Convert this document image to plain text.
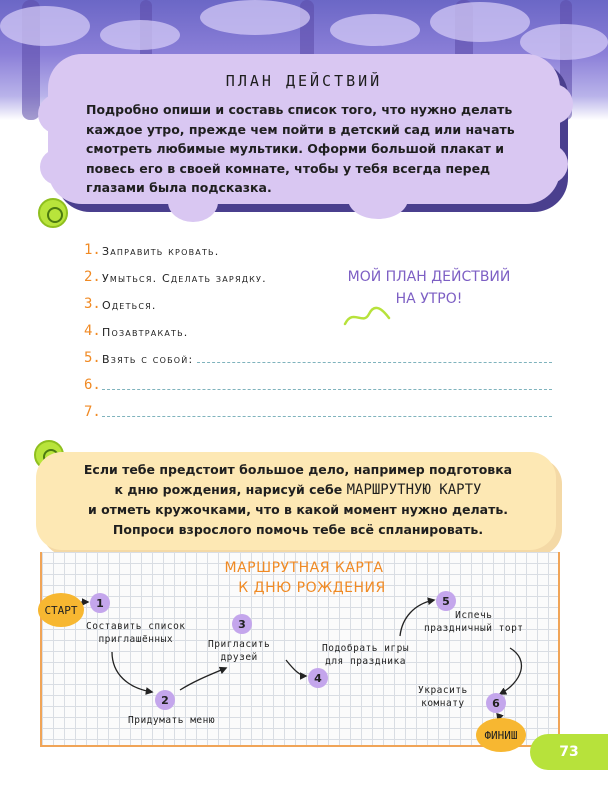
ПЛАН ДЕЙСТВИЙ
Подробно опиши и составь список того, что нужно делать
каждое утро, прежде чем пойти в детский сад или начать
смотреть любимые мультики. Оформи большой плакат и
повесь его в своей комнате, чтобы у тебя всегда перед
глазами была подсказка.
1. Заправить кровать.
2. Умыться. Сделать зарядку.
3. Одеться.
4. Позавтракать.
5. Взять с собой:
6.
7.
МОЙ ПЛАН ДЕЙСТВИЙ
НА УТРО!
Если тебе предстоит большое дело, например подготовка
к дню рождения, нарисуй себе МАРШРУТНУЮ КАРТУ
и отметь кружочками, что в какой момент нужно делать.
Попроси взрослого помочь тебе всё спланировать.
МАРШРУТНАЯ КАРТА
К ДНЮ РОЖДЕНИЯ
СТАРТ
ФИНИШ
1
2
3
4
5
6
Составить список
приглашённых
Придумать меню
Пригласить
друзей
Подобрать игры
для праздника
Испечь
праздничный торт
Украсить
комнату
73
